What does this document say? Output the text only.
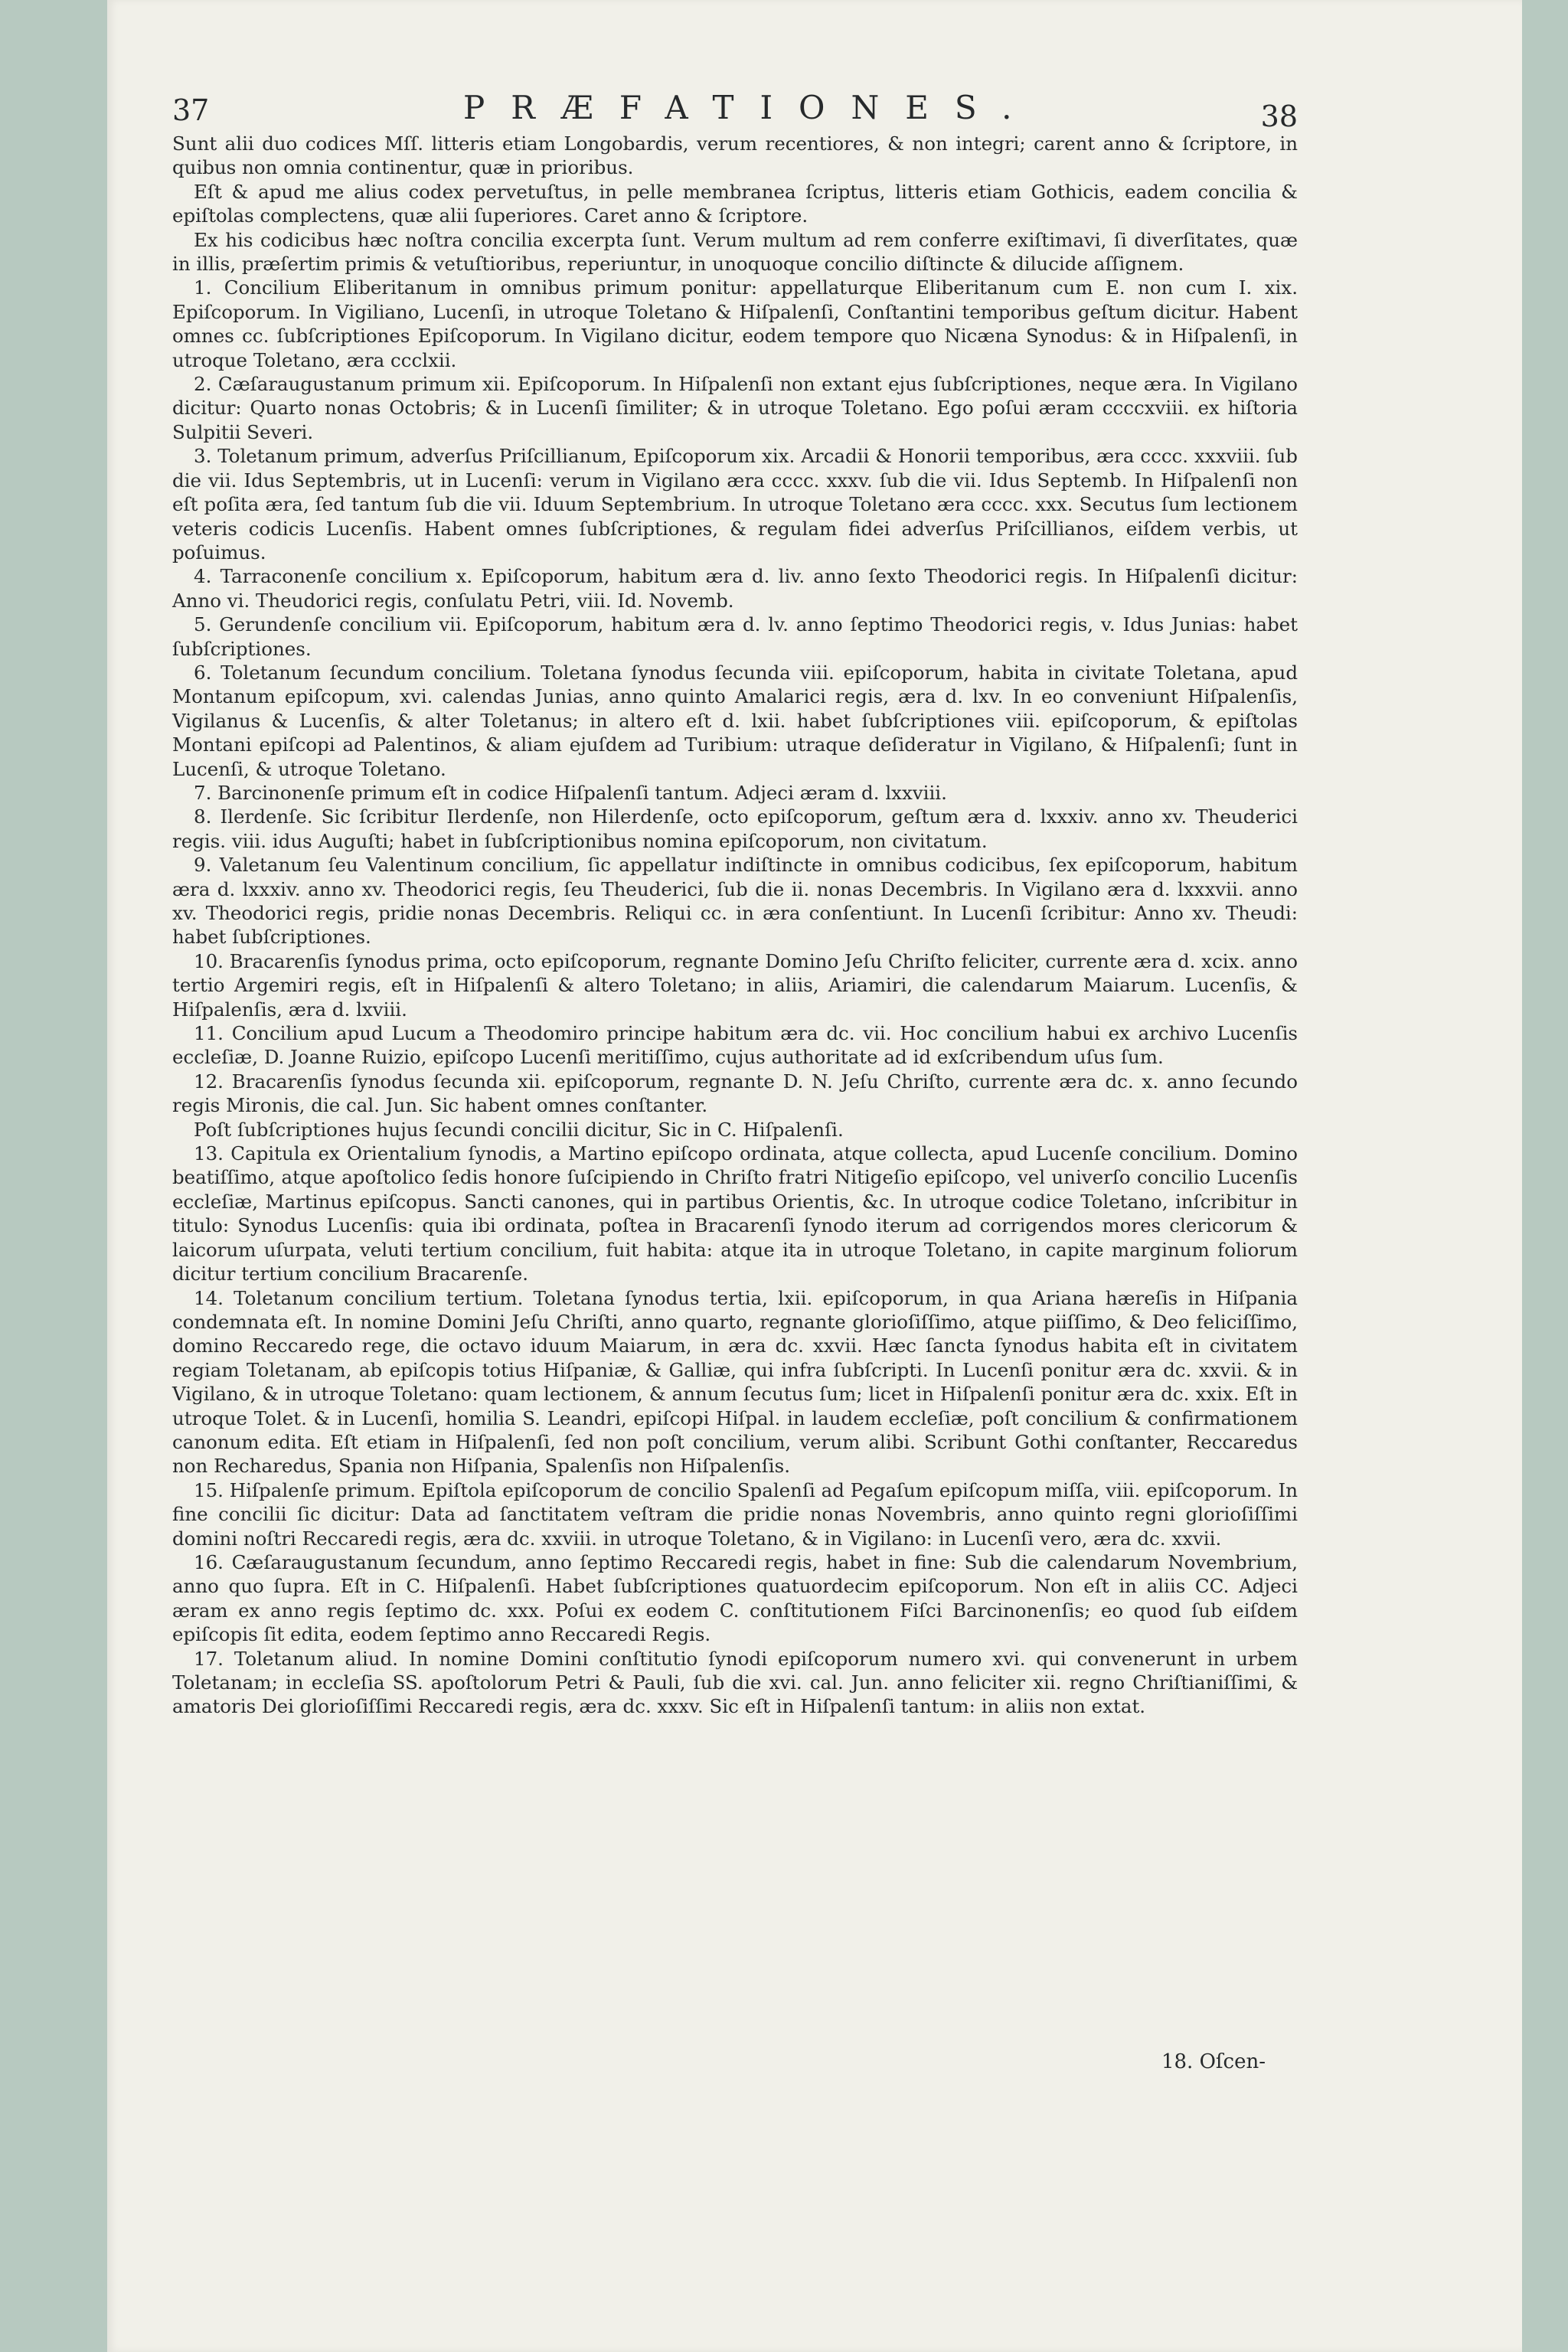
37	PRÆFATIONES.	38

Sunt alii duo codices Mſſ. litteris etiam Longobardis, verum recentiores, & non integri; carent anno & ſcriptore, in quibus non omnia continentur, quæ in prioribus.

Eſt & apud me alius codex pervetuſtus, in pelle membranea ſcriptus, litteris etiam Gothicis, eadem concilia & epiſtolas complectens, quæ alii ſuperiores. Caret anno & ſcriptore.

Ex his codicibus hæc noſtra concilia excerpta ſunt. Verum multum ad rem conferre exiſtimavi, ſi diverſitates, quæ in illis, præſertim primis & vetuſtioribus, reperiuntur, in unoquoque concilio diſtincte & dilucide aſſignem.

1. Concilium Eliberitanum in omnibus primum ponitur: appellaturque Eliberitanum cum E. non cum I. xix. Epiſcoporum. In Vigiliano, Lucenſi, in utroque Toletano & Hiſpalenſi, Conſtantini temporibus geſtum dicitur. Habent omnes cc. ſubſcriptiones Epiſcoporum. In Vigilano dicitur, eodem tempore quo Nicæna Synodus: & in Hiſpalenſi, in utroque Toletano, æra ccclxii.

2. Cæſaraugustanum primum xii. Epiſcoporum. In Hiſpalenſi non extant ejus ſubſcriptiones, neque æra. In Vigilano dicitur: Quarto nonas Octobris; & in Lucenſi ſimiliter; & in utroque Toletano. Ego poſui æram ccccxviii. ex hiſtoria Sulpitii Severi.

3. Toletanum primum, adverſus Priſcillianum, Epiſcoporum xix. Arcadii & Honorii temporibus, æra cccc. xxxviii. ſub die vii. Idus Septembris, ut in Lucenſi: verum in Vigilano æra cccc. xxxv. ſub die vii. Idus Septemb. In Hiſpalenſi non eſt poſita æra, ſed tantum ſub die vii. Iduum Septembrium. In utroque Toletano æra cccc. xxx. Secutus ſum lectionem veteris codicis Lucenſis. Habent omnes ſubſcriptiones, & regulam fidei adverſus Priſcillianos, eiſdem verbis, ut poſuimus.

4. Tarraconenſe concilium x. Epiſcoporum, habitum æra d. liv. anno ſexto Theodorici regis. In Hiſpalenſi dicitur: Anno vi. Theudorici regis, conſulatu Petri, viii. Id. Novemb.

5. Gerundenſe concilium vii. Epiſcoporum, habitum æra d. lv. anno ſeptimo Theodorici regis, v. Idus Junias: habet ſubſcriptiones.

6. Toletanum ſecundum concilium. Toletana ſynodus ſecunda viii. epiſcoporum, habita in civitate Toletana, apud Montanum epiſcopum, xvi. calendas Junias, anno quinto Amalarici regis, æra d. lxv. In eo conveniunt Hiſpalenſis, Vigilanus & Lucenſis, & alter Toletanus; in altero eſt d. lxii. habet ſubſcriptiones viii. epiſcoporum, & epiſtolas Montani epiſcopi ad Palentinos, & aliam ejuſdem ad Turibium: utraque deſideratur in Vigilano, & Hiſpalenſi; ſunt in Lucenſi, & utroque Toletano.

7. Barcinonenſe primum eſt in codice Hiſpalenſi tantum. Adjeci æram d. lxxviii.

8. Ilerdenſe. Sic ſcribitur Ilerdenſe, non Hilerdenſe, octo epiſcoporum, geſtum æra d. lxxxiv. anno xv. Theuderici regis. viii. idus Auguſti; habet in ſubſcriptionibus nomina epiſcoporum, non civitatum.

9. Valetanum ſeu Valentinum concilium, ſic appellatur indiſtincte in omnibus codicibus, ſex epiſcoporum, habitum æra d. lxxxiv. anno xv. Theodorici regis, ſeu Theuderici, ſub die ii. nonas Decembris. In Vigilano æra d. lxxxvii. anno xv. Theodorici regis, pridie nonas Decembris. Reliqui cc. in æra conſentiunt. In Lucenſi ſcribitur: Anno xv. Theudi: habet ſubſcriptiones.

10. Bracarenſis ſynodus prima, octo epiſcoporum, regnante Domino Jeſu Chriſto feliciter, currente æra d. xcix. anno tertio Argemiri regis, eſt in Hiſpalenſi & altero Toletano; in aliis, Ariamiri, die calendarum Maiarum. Lucenſis, & Hiſpalenſis, æra d. lxviii.

11. Concilium apud Lucum a Theodomiro principe habitum æra dc. vii. Hoc concilium habui ex archivo Lucenſis eccleſiæ, D. Joanne Ruizio, epiſcopo Lucenſi meritiſſimo, cujus authoritate ad id exſcribendum uſus ſum.

12. Bracarenſis ſynodus ſecunda xii. epiſcoporum, regnante D. N. Jeſu Chriſto, currente æra dc. x. anno ſecundo regis Mironis, die cal. Jun. Sic habent omnes conſtanter.

Poſt ſubſcriptiones hujus ſecundi concilii dicitur, Sic in C. Hiſpalenſi.

13. Capitula ex Orientalium ſynodis, a Martino epiſcopo ordinata, atque collecta, apud Lucenſe concilium. Domino beatiſſimo, atque apoſtolico ſedis honore ſuſcipiendo in Chriſto fratri Nitigeſio epiſcopo, vel univerſo concilio Lucenſis eccleſiæ, Martinus epiſcopus. Sancti canones, qui in partibus Orientis, &c. In utroque codice Toletano, inſcribitur in titulo: Synodus Lucenſis: quia ibi ordinata, poſtea in Bracarenſi ſynodo iterum ad corrigendos mores clericorum & laicorum uſurpata, veluti tertium concilium, fuit habita: atque ita in utroque Toletano, in capite marginum foliorum dicitur tertium concilium Bracarenſe.

14. Toletanum concilium tertium. Toletana ſynodus tertia, lxii. epiſcoporum, in qua Ariana hæreſis in Hiſpania condemnata eſt. In nomine Domini Jeſu Chriſti, anno quarto, regnante glorioſiſſimo, atque piiſſimo, & Deo feliciſſimo, domino Reccaredo rege, die octavo iduum Maiarum, in æra dc. xxvii. Hæc ſancta ſynodus habita eſt in civitatem regiam Toletanam, ab epiſcopis totius Hiſpaniæ, & Galliæ, qui infra ſubſcripti. In Lucenſi ponitur æra dc. xxvii. & in Vigilano, & in utroque Toletano: quam lectionem, & annum ſecutus ſum; licet in Hiſpalenſi ponitur æra dc. xxix. Eſt in utroque Tolet. & in Lucenſi, homilia S. Leandri, epiſcopi Hiſpal. in laudem eccleſiæ, poſt concilium & confirmationem canonum edita. Eſt etiam in Hiſpalenſi, ſed non poſt concilium, verum alibi. Scribunt Gothi conſtanter, Reccaredus non Recharedus, Spania non Hiſpania, Spalenſis non Hiſpalenſis.

15. Hiſpalenſe primum. Epiſtola epiſcoporum de concilio Spalenſi ad Pegaſum epiſcopum miſſa, viii. epiſcoporum. In fine concilii ſic dicitur: Data ad ſanctitatem veſtram die pridie nonas Novembris, anno quinto regni glorioſiſſimi domini noſtri Reccaredi regis, æra dc. xxviii. in utroque Toletano, & in Vigilano: in Lucenſi vero, æra dc. xxvii.

16. Cæſaraugustanum ſecundum, anno ſeptimo Reccaredi regis, habet in fine: Sub die calendarum Novembrium, anno quo ſupra. Eſt in C. Hiſpalenſi. Habet ſubſcriptiones quatuordecim epiſcoporum. Non eſt in aliis CC. Adjeci æram ex anno regis ſeptimo dc. xxx. Poſui ex eodem C. conſtitutionem Fiſci Barcinonenſis; eo quod ſub eiſdem epiſcopis ſit edita, eodem ſeptimo anno Reccaredi Regis.

17. Toletanum aliud. In nomine Domini conſtitutio ſynodi epiſcoporum numero xvi. qui convenerunt in urbem Toletanam; in eccleſia SS. apoſtolorum Petri & Pauli, ſub die xvi. cal. Jun. anno feliciter xii. regno Chriſtianiſſimi, & amatoris Dei glorioſiſſimi Reccaredi regis, æra dc. xxxv. Sic eſt in Hiſpalenſi tantum: in aliis non extat.

18. Oſcen-
